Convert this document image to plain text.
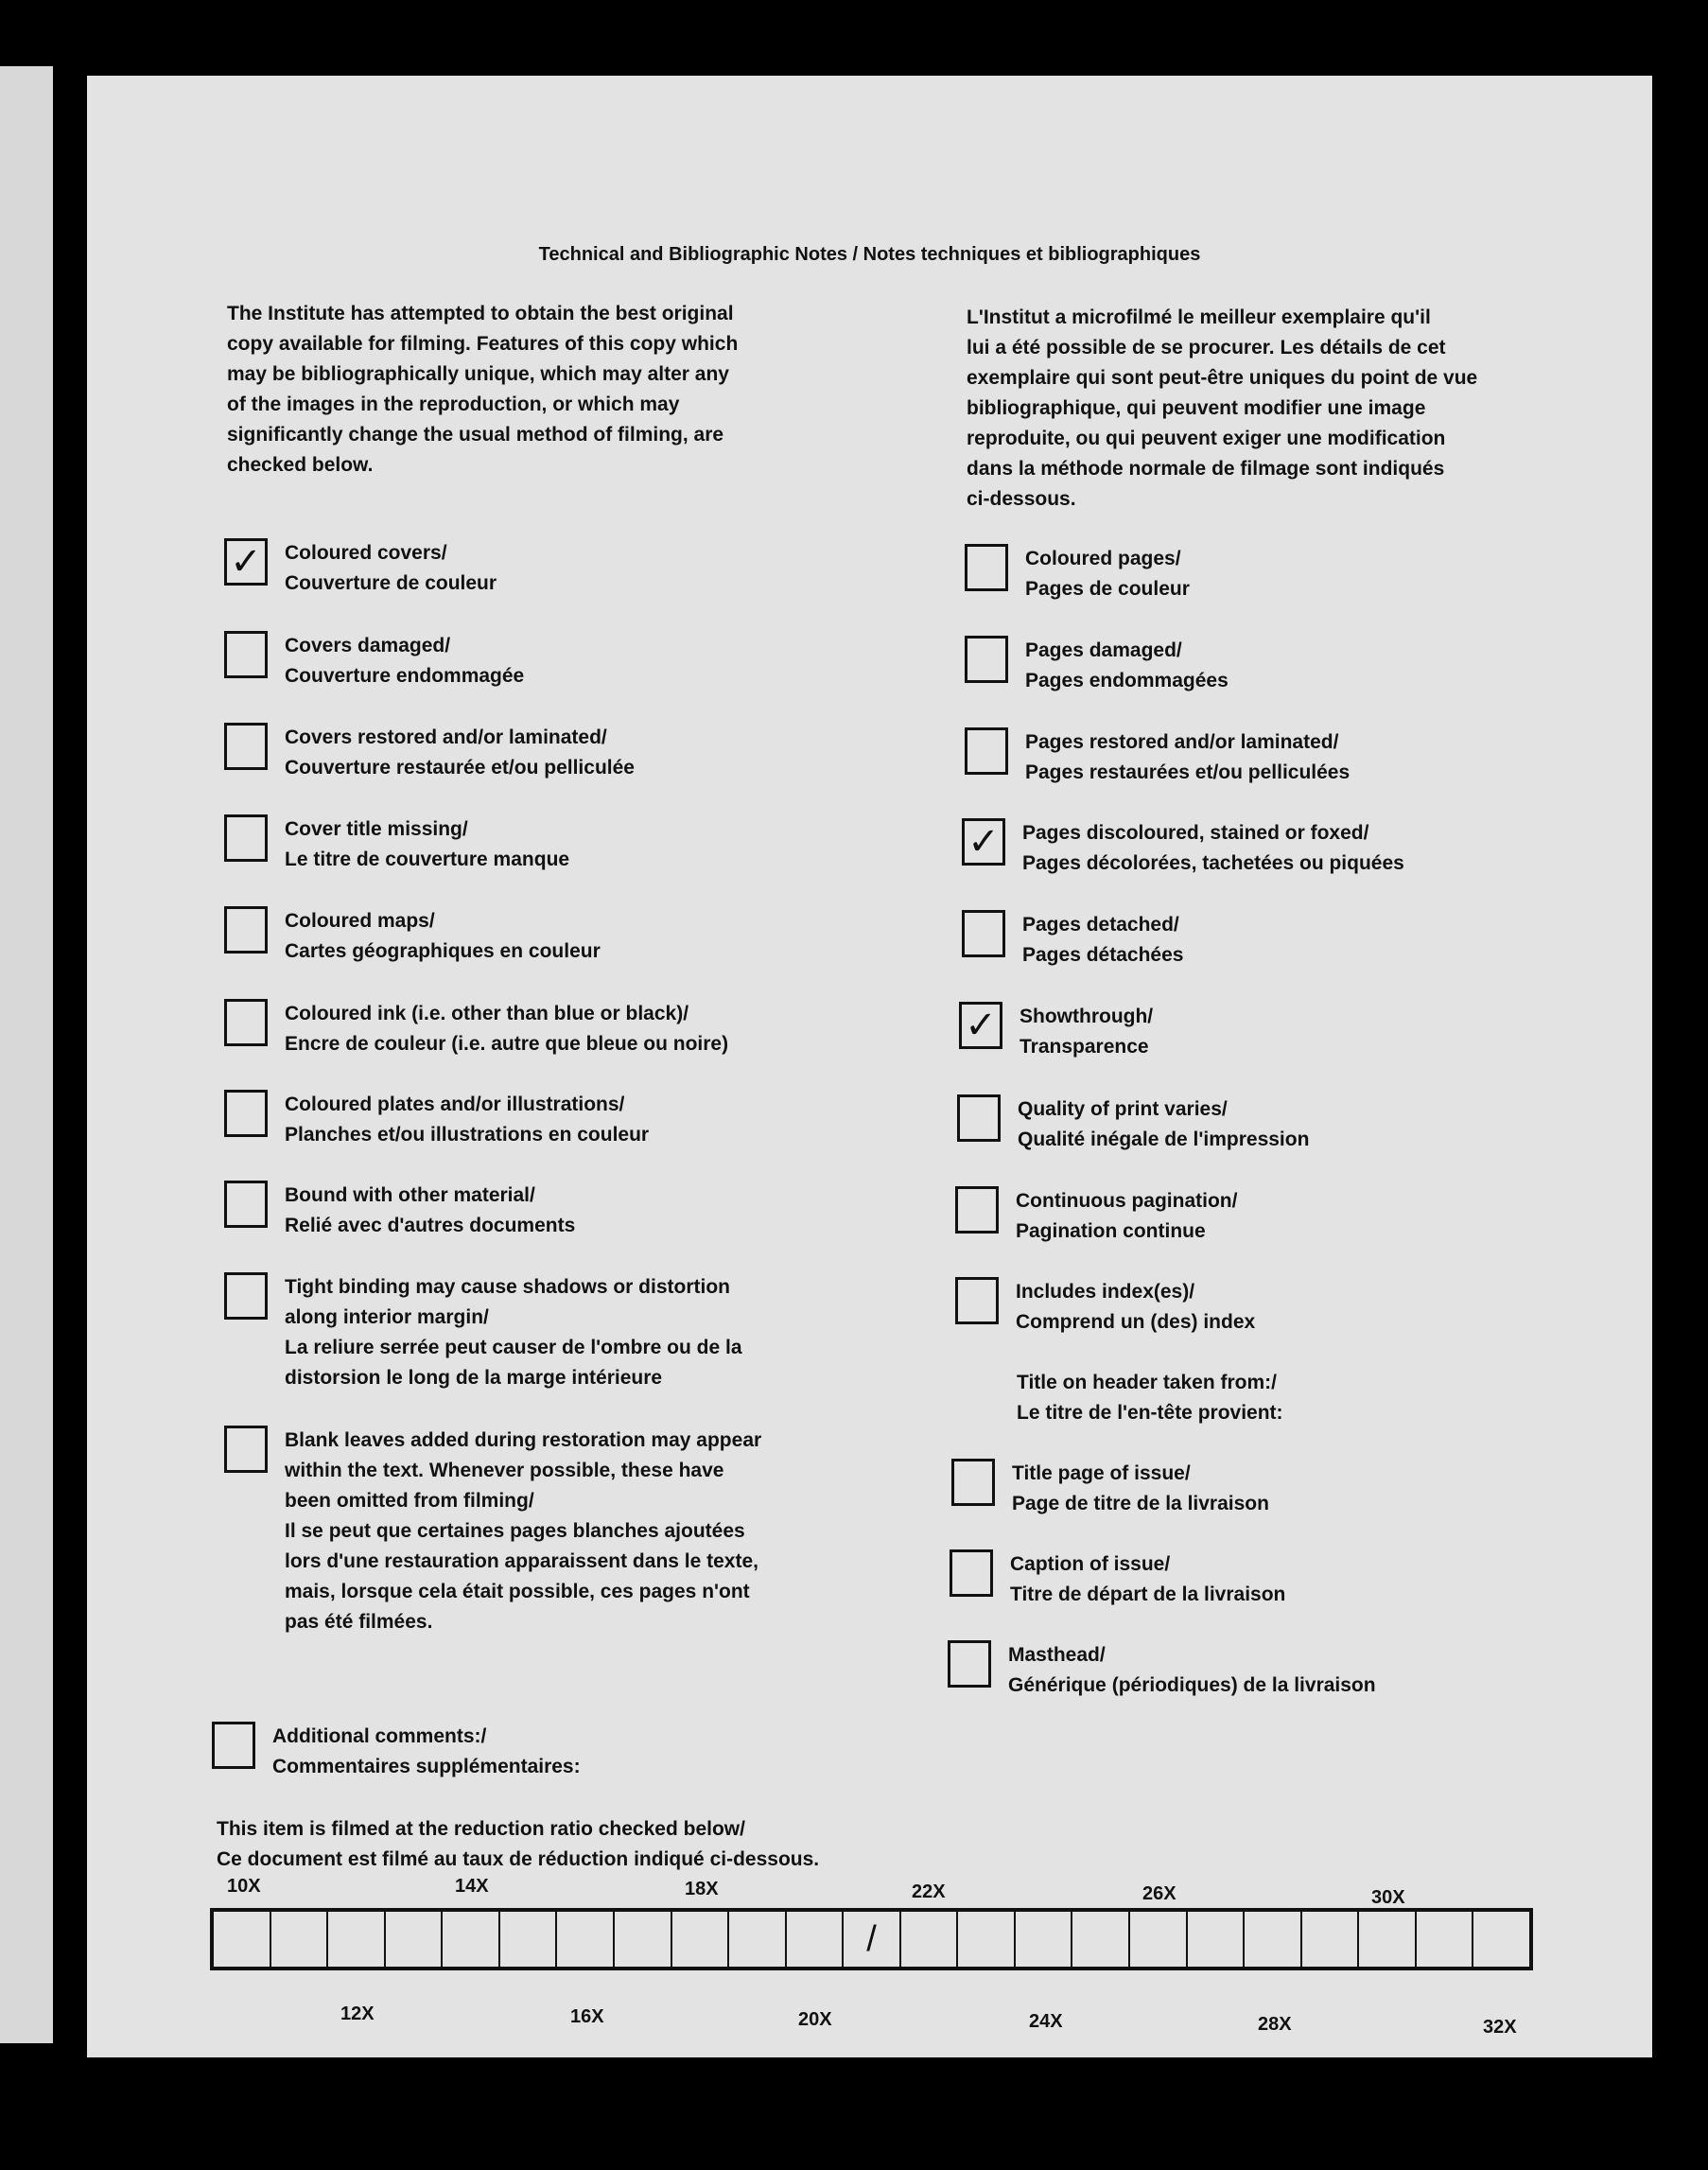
Technical and Bibliographic Notes / Notes techniques et bibliographiques
The Institute has attempted to obtain the best original
copy available for filming. Features of this copy which
may be bibliographically unique, which may alter any
of the images in the reproduction, or which may
significantly change the usual method of filming, are
checked below.
L'Institut a microfilmé le meilleur exemplaire qu'il
lui a été possible de se procurer. Les détails de cet
exemplaire qui sont peut-être uniques du point de vue
bibliographique, qui peuvent modifier une image
reproduite, ou qui peuvent exiger une modification
dans la méthode normale de filmage sont indiqués
ci-dessous.
✓ Coloured covers/
Couverture de couleur
Covers damaged/
Couverture endommagée
Covers restored and/or laminated/
Couverture restaurée et/ou pelliculée
Cover title missing/
Le titre de couverture manque
Coloured maps/
Cartes géographiques en couleur
Coloured ink (i.e. other than blue or black)/
Encre de couleur (i.e. autre que bleue ou noire)
Coloured plates and/or illustrations/
Planches et/ou illustrations en couleur
Bound with other material/
Relié avec d'autres documents
Tight binding may cause shadows or distortion
along interior margin/
La reliure serrée peut causer de l'ombre ou de la
distorsion le long de la marge intérieure
Blank leaves added during restoration may appear
within the text. Whenever possible, these have
been omitted from filming/
Il se peut que certaines pages blanches ajoutées
lors d'une restauration apparaissent dans le texte,
mais, lorsque cela était possible, ces pages n'ont
pas été filmées.
Additional comments:/
Commentaires supplémentaires:
Coloured pages/
Pages de couleur
Pages damaged/
Pages endommagées
Pages restored and/or laminated/
Pages restaurées et/ou pelliculées
✓ Pages discoloured, stained or foxed/
Pages décolorées, tachetées ou piquées
Pages detached/
Pages détachées
✓ Showthrough/
Transparence
Quality of print varies/
Qualité inégale de l'impression
Continuous pagination/
Pagination continue
Includes index(es)/
Comprend un (des) index
Title on header taken from:/
Le titre de l'en-tête provient:
Title page of issue/
Page de titre de la livraison
Caption of issue/
Titre de départ de la livraison
Masthead/
Générique (périodiques) de la livraison
This item is filmed at the reduction ratio checked below/
Ce document est filmé au taux de réduction indiqué ci-dessous.
10X	14X	18X	22X	26X	30X
/
12X	16X	20X	24X	28X	32X
